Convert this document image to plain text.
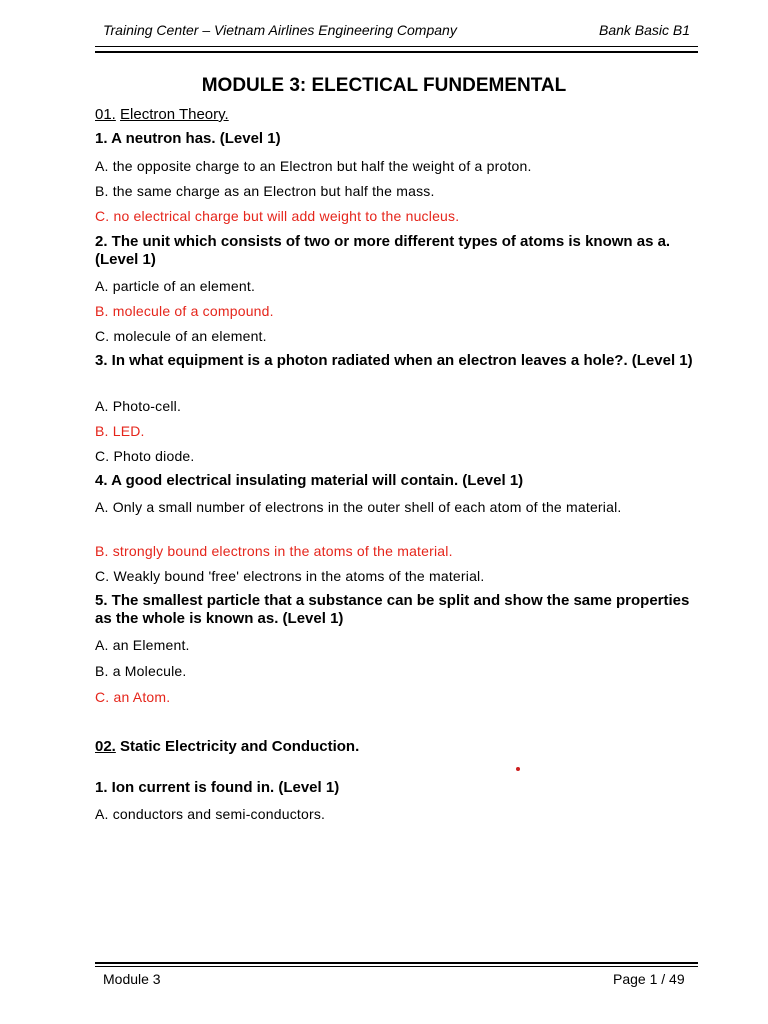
Training Center – Vietnam Airlines Engineering Company	Bank Basic B1
MODULE 3: ELECTICAL FUNDEMENTAL
01. Electron Theory.
1. A neutron has. (Level 1)
A. the opposite charge to an Electron but half the weight of a proton.
B. the same charge as an Electron but half the mass.
C. no electrical charge but will add weight to the nucleus.
2. The unit which consists of two or more different types of atoms is known as a. (Level 1)
A. particle of an element.
B. molecule of a compound.
C. molecule of an element.
3. In what equipment is a photon radiated when an electron leaves a hole?. (Level 1)
A. Photo-cell.
B. LED.
C. Photo diode.
4. A good electrical insulating material will contain. (Level 1)
A. Only a small number of electrons in the outer shell of each atom of the material.
B. strongly bound electrons in the atoms of the material.
C. Weakly bound 'free' electrons in the atoms of the material.
5. The smallest particle that a substance can be split and show the same properties as the whole is known as. (Level 1)
A. an Element.
B. a Molecule.
C. an Atom.
02. Static Electricity and Conduction.
1. Ion current is found in. (Level 1)
A. conductors and semi-conductors.
Module 3	Page 1 / 49
